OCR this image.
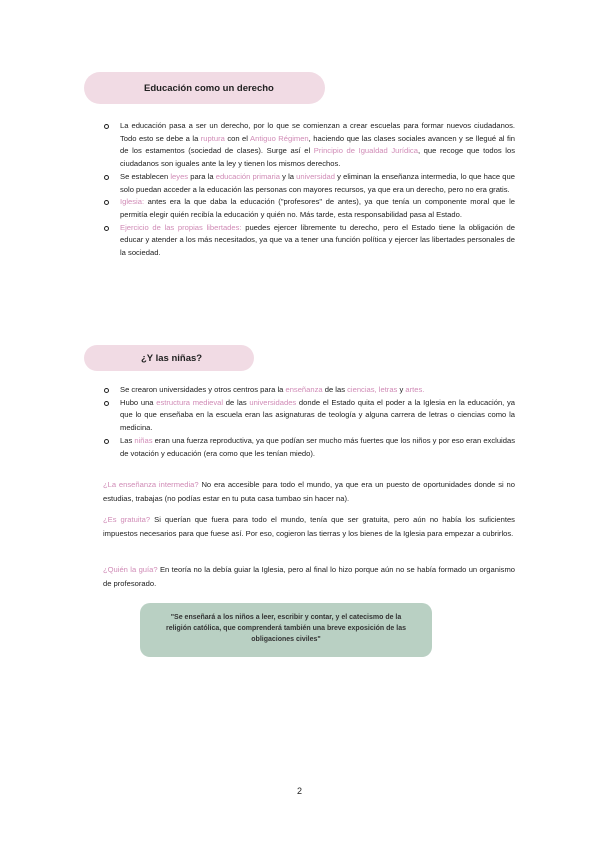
Educación como un derecho
La educación pasa a ser un derecho, por lo que se comienzan a crear escuelas para formar nuevos ciudadanos. Todo esto se debe a la ruptura con el Antiguo Régimen, haciendo que las clases sociales avancen y se llegué al fin de los estamentos (sociedad de clases). Surge así el Principio de Igualdad Jurídica, que recoge que todos los ciudadanos son iguales ante la ley y tienen los mismos derechos.
Se establecen leyes para la educación primaria y la universidad y eliminan la enseñanza intermedia, lo que hace que solo puedan acceder a la educación las personas con mayores recursos, ya que era un derecho, pero no era gratis.
Iglesia: antes era la que daba la educación ("profesores" de antes), ya que tenía un componente moral que le permitía elegir quién recibía la educación y quién no. Más tarde, esta responsabilidad pasa al Estado.
Ejercicio de las propias libertades: puedes ejercer libremente tu derecho, pero el Estado tiene la obligación de educar y atender a los más necesitados, ya que va a tener una función política y ejercer las libertades personales de la sociedad.
¿Y las niñas?
Se crearon universidades y otros centros para la enseñanza de las ciencias, letras y artes.
Hubo una estructura medieval de las universidades donde el Estado quita el poder a la Iglesia en la educación, ya que lo que enseñaba en la escuela eran las asignaturas de teología y alguna carrera de letras o ciencias como la medicina.
Las niñas eran una fuerza reproductiva, ya que podían ser mucho más fuertes que los niños y por eso eran excluidas de votación y educación (era como que les tenían miedo).

¿La enseñanza intermedia? No era accesible para todo el mundo, ya que era un puesto de oportunidades donde si no estudias, trabajas (no podías estar en tu puta casa tumbao sin hacer na).

¿Es gratuita? Si querían que fuera para todo el mundo, tenía que ser gratuita, pero aún no había los suficientes impuestos necesarios para que fuese así. Por eso, cogieron las tierras y los bienes de la Iglesia para empezar a cubrirlos.

¿Quién la guía? En teoría no la debía guiar la Iglesia, pero al final lo hizo porque aún no se había formado un organismo de profesorado.

"Se enseñará a los niños a leer, escribir y contar, y el catecismo de la religión católica, que comprenderá también una breve exposición de las obligaciones civiles"
2
